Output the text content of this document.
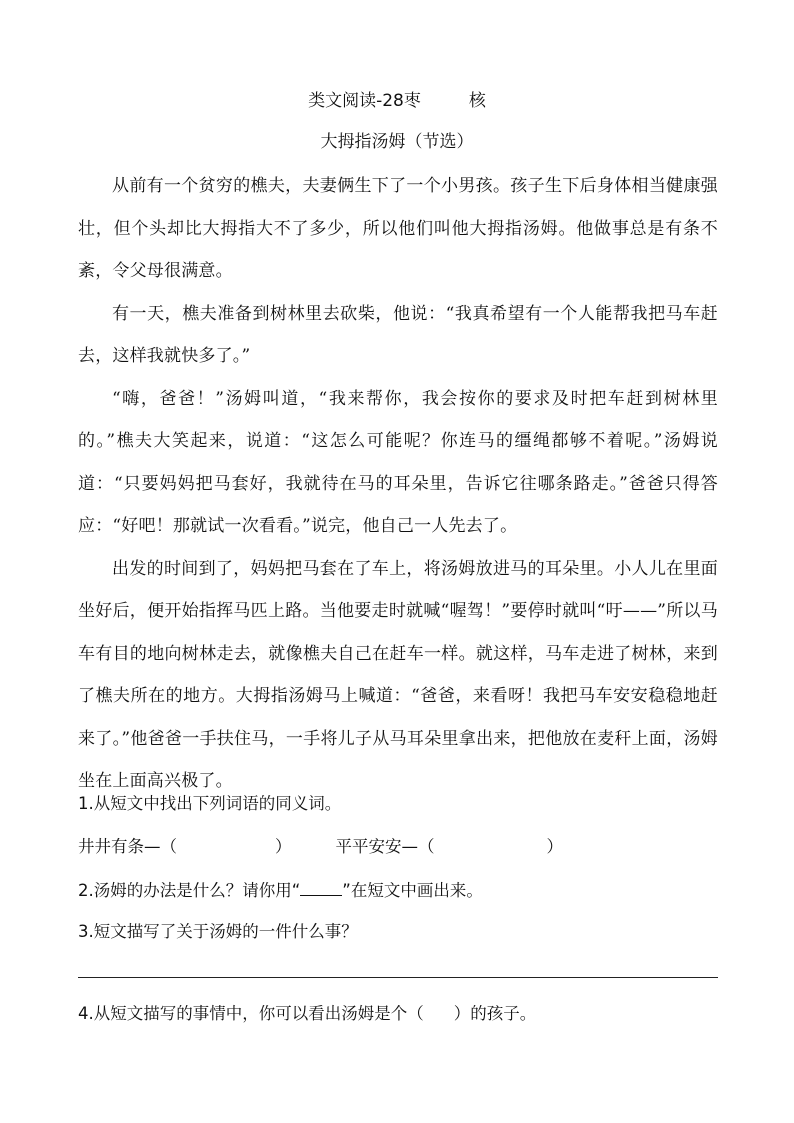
类文阅读-28枣	核
大拇指汤姆（节选）

从前有一个贫穷的樵夫，夫妻俩生下了一个小男孩。孩子生下后身体相当健康强壮，但个头却比大拇指大不了多少，所以他们叫他大拇指汤姆。他做事总是有条不紊，令父母很满意。

有一天，樵夫准备到树林里去砍柴，他说：“我真希望有一个人能帮我把马车赶去，这样我就快多了。”

“嗨，爸爸！”汤姆叫道，“我来帮你，我会按你的要求及时把车赶到树林里的。”樵夫大笑起来，说道：“这怎么可能呢？你连马的缰绳都够不着呢。”汤姆说道：“只要妈妈把马套好，我就待在马的耳朵里，告诉它往哪条路走。”爸爸只得答应：“好吧！那就试一次看看。”说完，他自己一人先去了。

出发的时间到了，妈妈把马套在了车上，将汤姆放进马的耳朵里。小人儿在里面坐好后，便开始指挥马匹上路。当他要走时就喊“喔驾！”要停时就叫“吁——”所以马车有目的地向树林走去，就像樵夫自己在赶车一样。就这样，马车走进了树林，来到了樵夫所在的地方。大拇指汤姆马上喊道：“爸爸，来看呀！我把马车安安稳稳地赶来了。”他爸爸一手扶住马，一手将儿子从马耳朵里拿出来，把他放在麦秆上面，汤姆坐在上面高兴极了。

1.从短文中找出下列词语的同义词。
井井有条—（	）	平平安安—（	）
2.汤姆的办法是什么？请你用“	”在短文中画出来。
3.短文描写了关于汤姆的一件什么事？
4.从短文描写的事情中，你可以看出汤姆是个（ ）的孩子。
